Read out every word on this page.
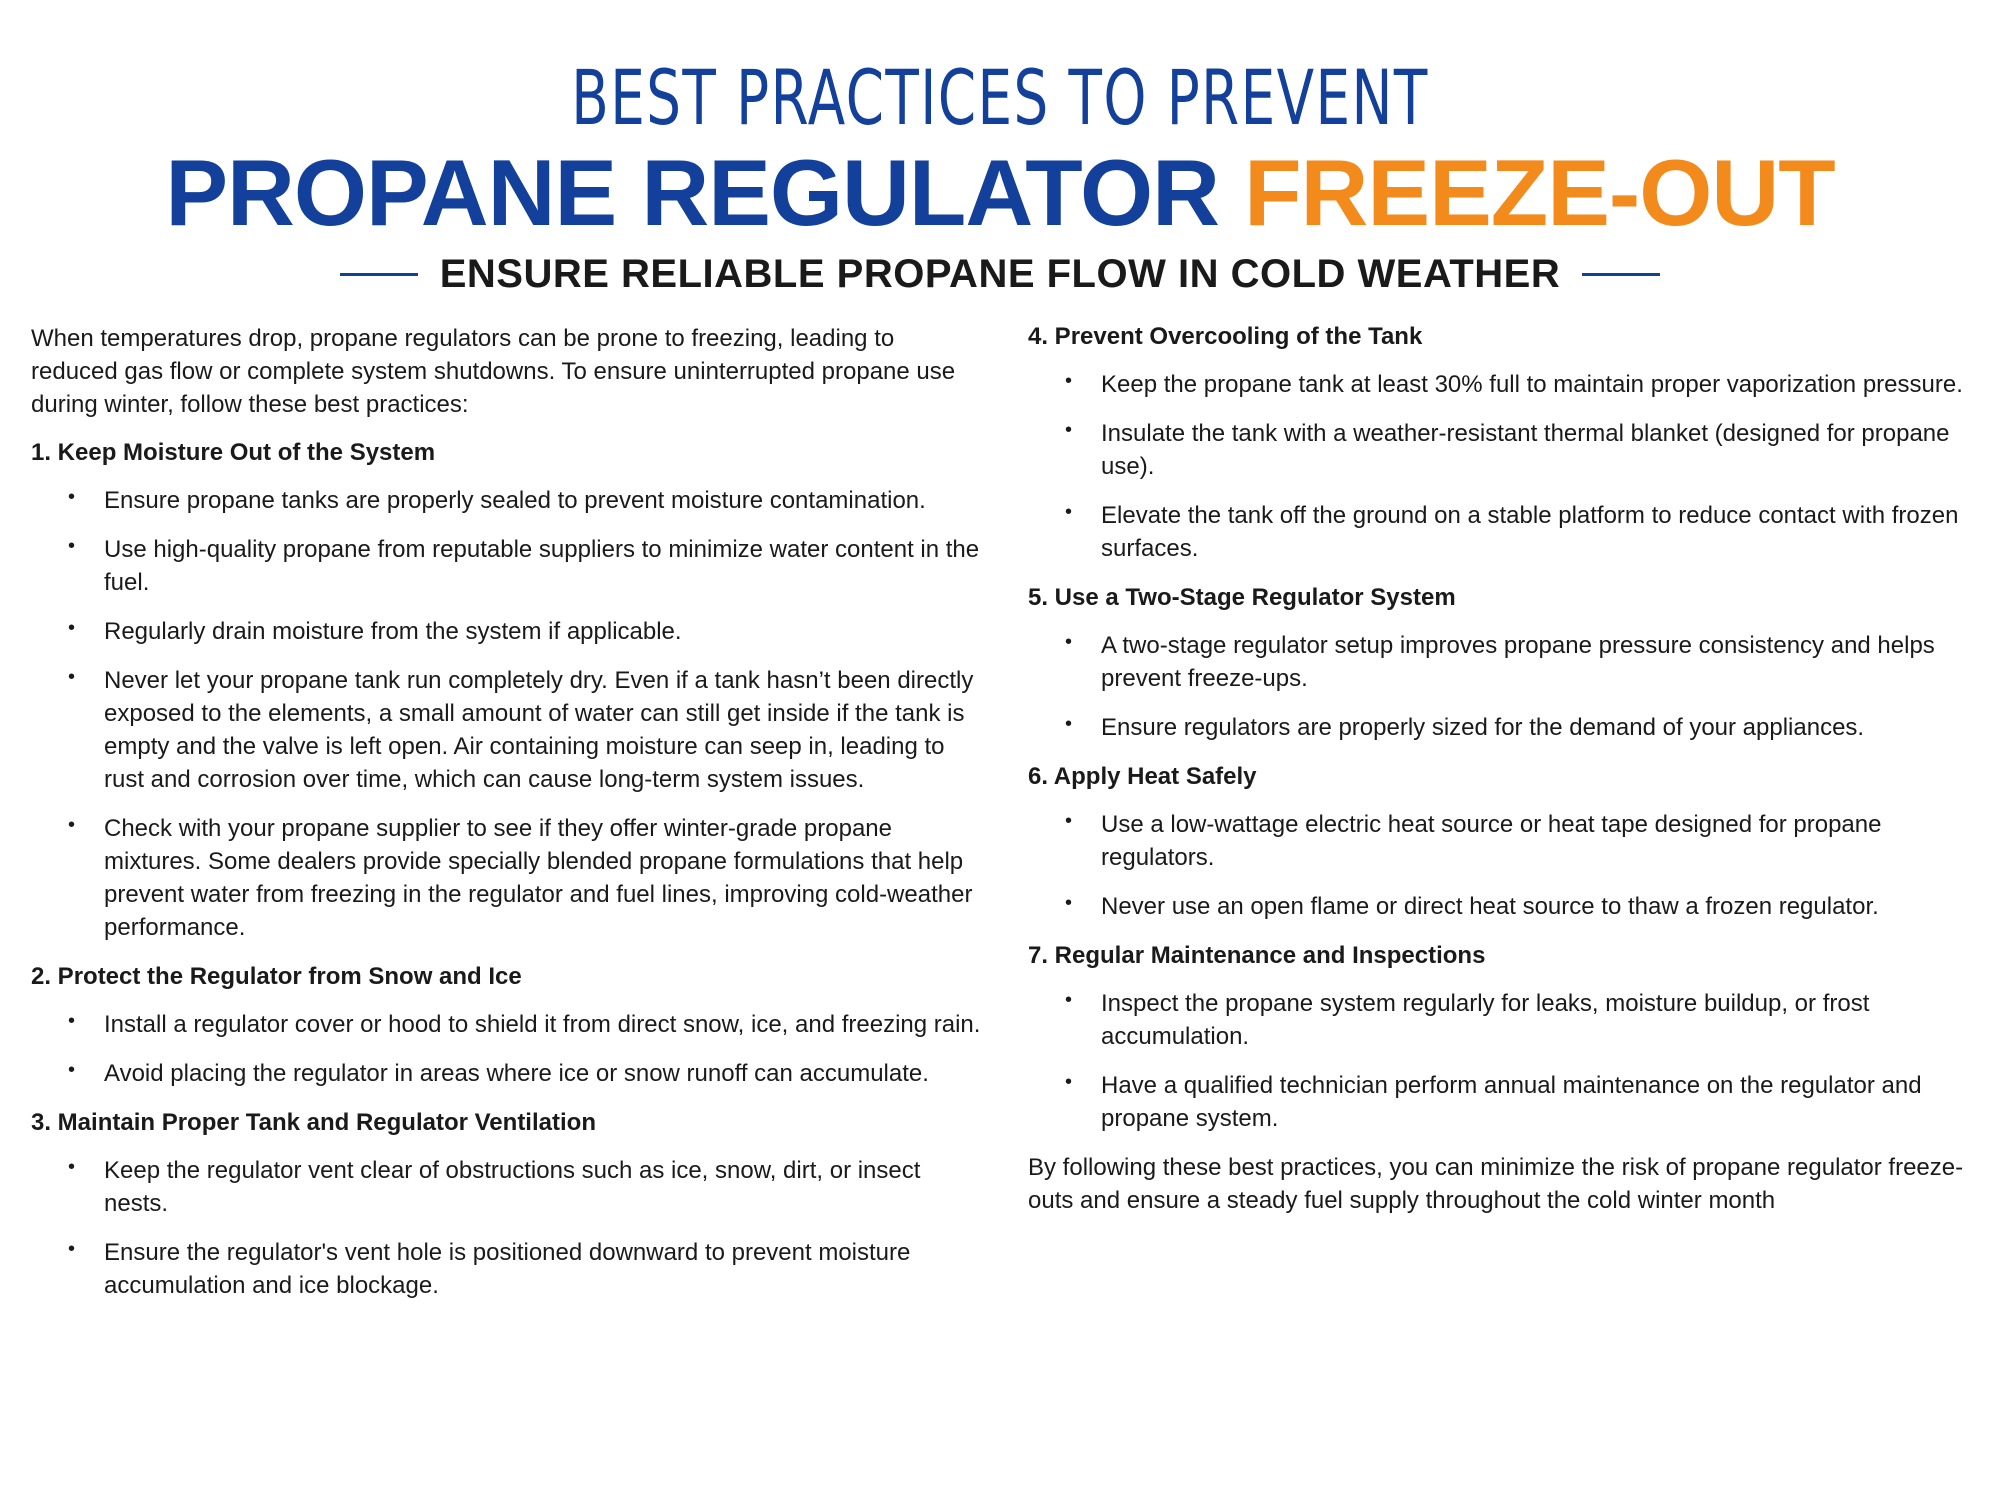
BEST PRACTICES TO PREVENT
PROPANE REGULATOR FREEZE-OUT
ENSURE RELIABLE PROPANE FLOW IN COLD WEATHER

When temperatures drop, propane regulators can be prone to freezing, leading to reduced gas flow or complete system shutdowns. To ensure uninterrupted propane use during winter, follow these best practices:

1. Keep Moisture Out of the System
• Ensure propane tanks are properly sealed to prevent moisture contamination.
• Use high-quality propane from reputable suppliers to minimize water content in the fuel.
• Regularly drain moisture from the system if applicable.
• Never let your propane tank run completely dry. Even if a tank hasn’t been directly exposed to the elements, a small amount of water can still get inside if the tank is empty and the valve is left open. Air containing moisture can seep in, leading to rust and corrosion over time, which can cause long-term system issues.
• Check with your propane supplier to see if they offer winter-grade propane mixtures. Some dealers provide specially blended propane formulations that help prevent water from freezing in the regulator and fuel lines, improving cold-weather performance.
2. Protect the Regulator from Snow and Ice
• Install a regulator cover or hood to shield it from direct snow, ice, and freezing rain.
• Avoid placing the regulator in areas where ice or snow runoff can accumulate.
3. Maintain Proper Tank and Regulator Ventilation
• Keep the regulator vent clear of obstructions such as ice, snow, dirt, or insect nests.
• Ensure the regulator's vent hole is positioned downward to prevent moisture accumulation and ice blockage.
4. Prevent Overcooling of the Tank
• Keep the propane tank at least 30% full to maintain proper vaporization pressure.
• Insulate the tank with a weather-resistant thermal blanket (designed for propane use).
• Elevate the tank off the ground on a stable platform to reduce contact with frozen surfaces.
5. Use a Two-Stage Regulator System
• A two-stage regulator setup improves propane pressure consistency and helps prevent freeze-ups.
• Ensure regulators are properly sized for the demand of your appliances.
6. Apply Heat Safely
• Use a low-wattage electric heat source or heat tape designed for propane regulators.
• Never use an open flame or direct heat source to thaw a frozen regulator.
7. Regular Maintenance and Inspections
• Inspect the propane system regularly for leaks, moisture buildup, or frost accumulation.
• Have a qualified technician perform annual maintenance on the regulator and propane system.

By following these best practices, you can minimize the risk of propane regulator freeze-outs and ensure a steady fuel supply throughout the cold winter month
